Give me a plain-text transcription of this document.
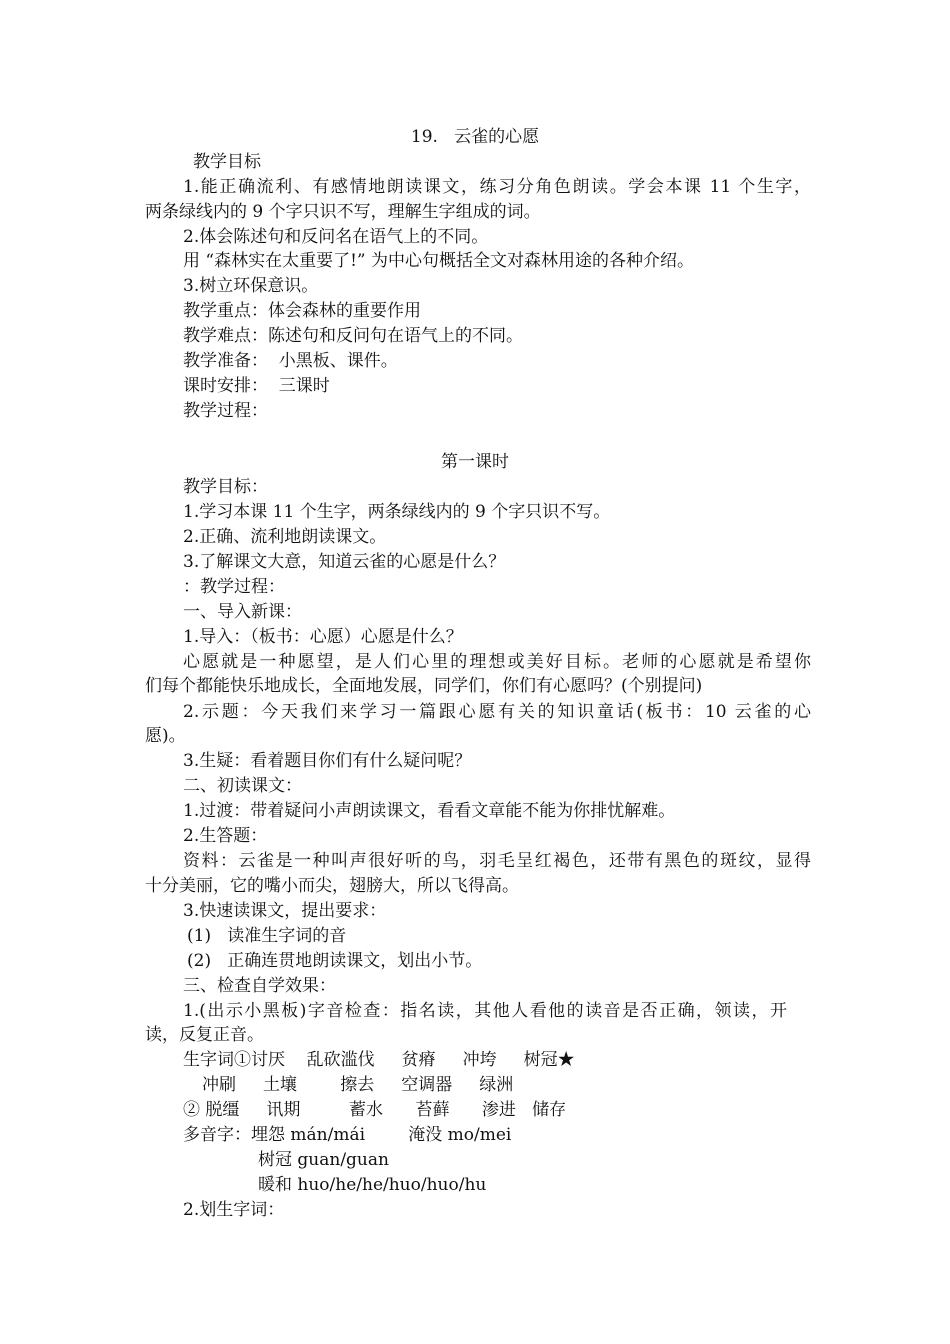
19.   云雀的心愿
教学目标
1.能正确流利、有感情地朗读课文，练习分角色朗读。学会本课 11 个生字，
两条绿线内的 9 个字只识不写，理解生字组成的词。
2.体会陈述句和反问名在语气上的不同。
用 “森林实在太重要了!” 为中心句概括全文对森林用途的各种介绍。
3.树立环保意识。
教学重点：体会森林的重要作用
教学难点：陈述句和反问句在语气上的不同。
教学准备：  小黑板、课件。
课时安排：  三课时
教学过程：
第一课时
教学目标：
1.学习本课 11 个生字，两条绿线内的 9 个字只识不写。
2.正确、流利地朗读课文。
3.了解课文大意，知道云雀的心愿是什么？
：教学过程：
一、导入新课：
1.导入：（板书：心愿）心愿是什么？
心愿就是一种愿望，是人们心里的理想或美好目标。老师的心愿就是希望你
们每个都能快乐地成长，全面地发展，同学们，你们有心愿吗？(个别提问)
2.示题：今天我们来学习一篇跟心愿有关的知识童话(板书：10 云雀的心
愿)。
3.生疑：看着题目你们有什么疑问呢？
二、初读课文：
1.过渡：带着疑问小声朗读课文，看看文章能不能为你排忧解难。
2.生答题：
资料：云雀是一种叫声很好听的鸟，羽毛呈红褐色，还带有黑色的斑纹，显得
十分美丽，它的嘴小而尖，翅膀大，所以飞得高。
3.快速读课文，提出要求：
(1)   读准生字词的音
(2)   正确连贯地朗读课文，划出小节。
三、检查自学效果：
1.(出示小黑板)字音检查：指名读，其他人看他的读音是否正确，领读，开
读，反复正音。
生字词①讨厌    乱砍滥伐     贫瘠     冲垮     树冠★
冲刷     土壤        擦去     空调器     绿洲
② 脱缰     讯期         蓄水      苔藓      渗进   储存
多音字：埋怨 mán/mái        淹没 mo/mei
树冠 guan/guan
暖和 huo/he/he/huo/huo/hu
2.划生字词：
